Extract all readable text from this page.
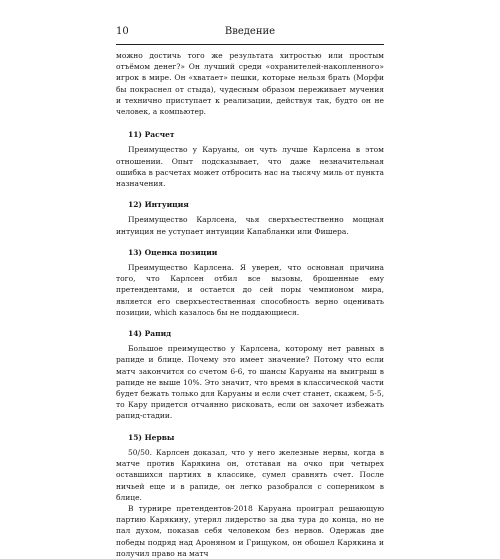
10	Введение

можно достичь того же результата хитростью или простым отъёмом денег?» Он лучший среди «охранителей-накопленного» игрок в мире. Он «хватает» пешки, которые нельзя брать (Морфи бы покраснел от стыда), чудесным образом переживает мучения и технично приступает к реализации, действуя так, будто он не человек, а компьютер.

11) Расчет

Преимущество у Каруаны, он чуть лучше Карлсена в этом отношении. Опыт подсказывает, что даже незначительная ошибка в расчетах может отбросить нас на тысячу миль от пункта назначения.

12) Интуиция

Преимущество Карлсена, чья сверхъестественно мощная интуиция не уступает интуиции Капабланки или Фишера.

13) Оценка позиции

Преимущество Карлсена. Я уверен, что основная причина того, что Карлсен отбил все вызовы, брошенные ему претендентами, и остается до сей поры чемпионом мира, является его сверхъестественная способность верно оценивать позиции, which казалось бы не поддающиеся.

14) Рапид

Большое преимущество у Карлсена, которому нет равных в рапиде и блице. Почему это имеет значение? Потому что если матч закончится со счетом 6-6, то шансы Каруаны на выигрыш в рапиде не выше 10%. Это значит, что время в классической части будет бежать только для Каруаны и если счет станет, скажем, 5-5, то Кару придется отчаянно рисковать, если он захочет избежать рапид-стадии.

15) Нервы

50/50. Карлсен доказал, что у него железные нервы, когда в матче против Карякина он, отставая на очко при четырех оставшихся партиях в классике, сумел сравнять счет. После ничьей еще и в рапиде, он легко разобрался с соперником в блице.

В турнире претендентов-2018 Каруана проиграл решающую партию Карякину, утерял лидерство за два тура до конца, но не пал духом, показав себя человеком без нервов. Одержав две победы подряд над Ароняном и Грищуком, он обошел Карякина и получил право на матч
